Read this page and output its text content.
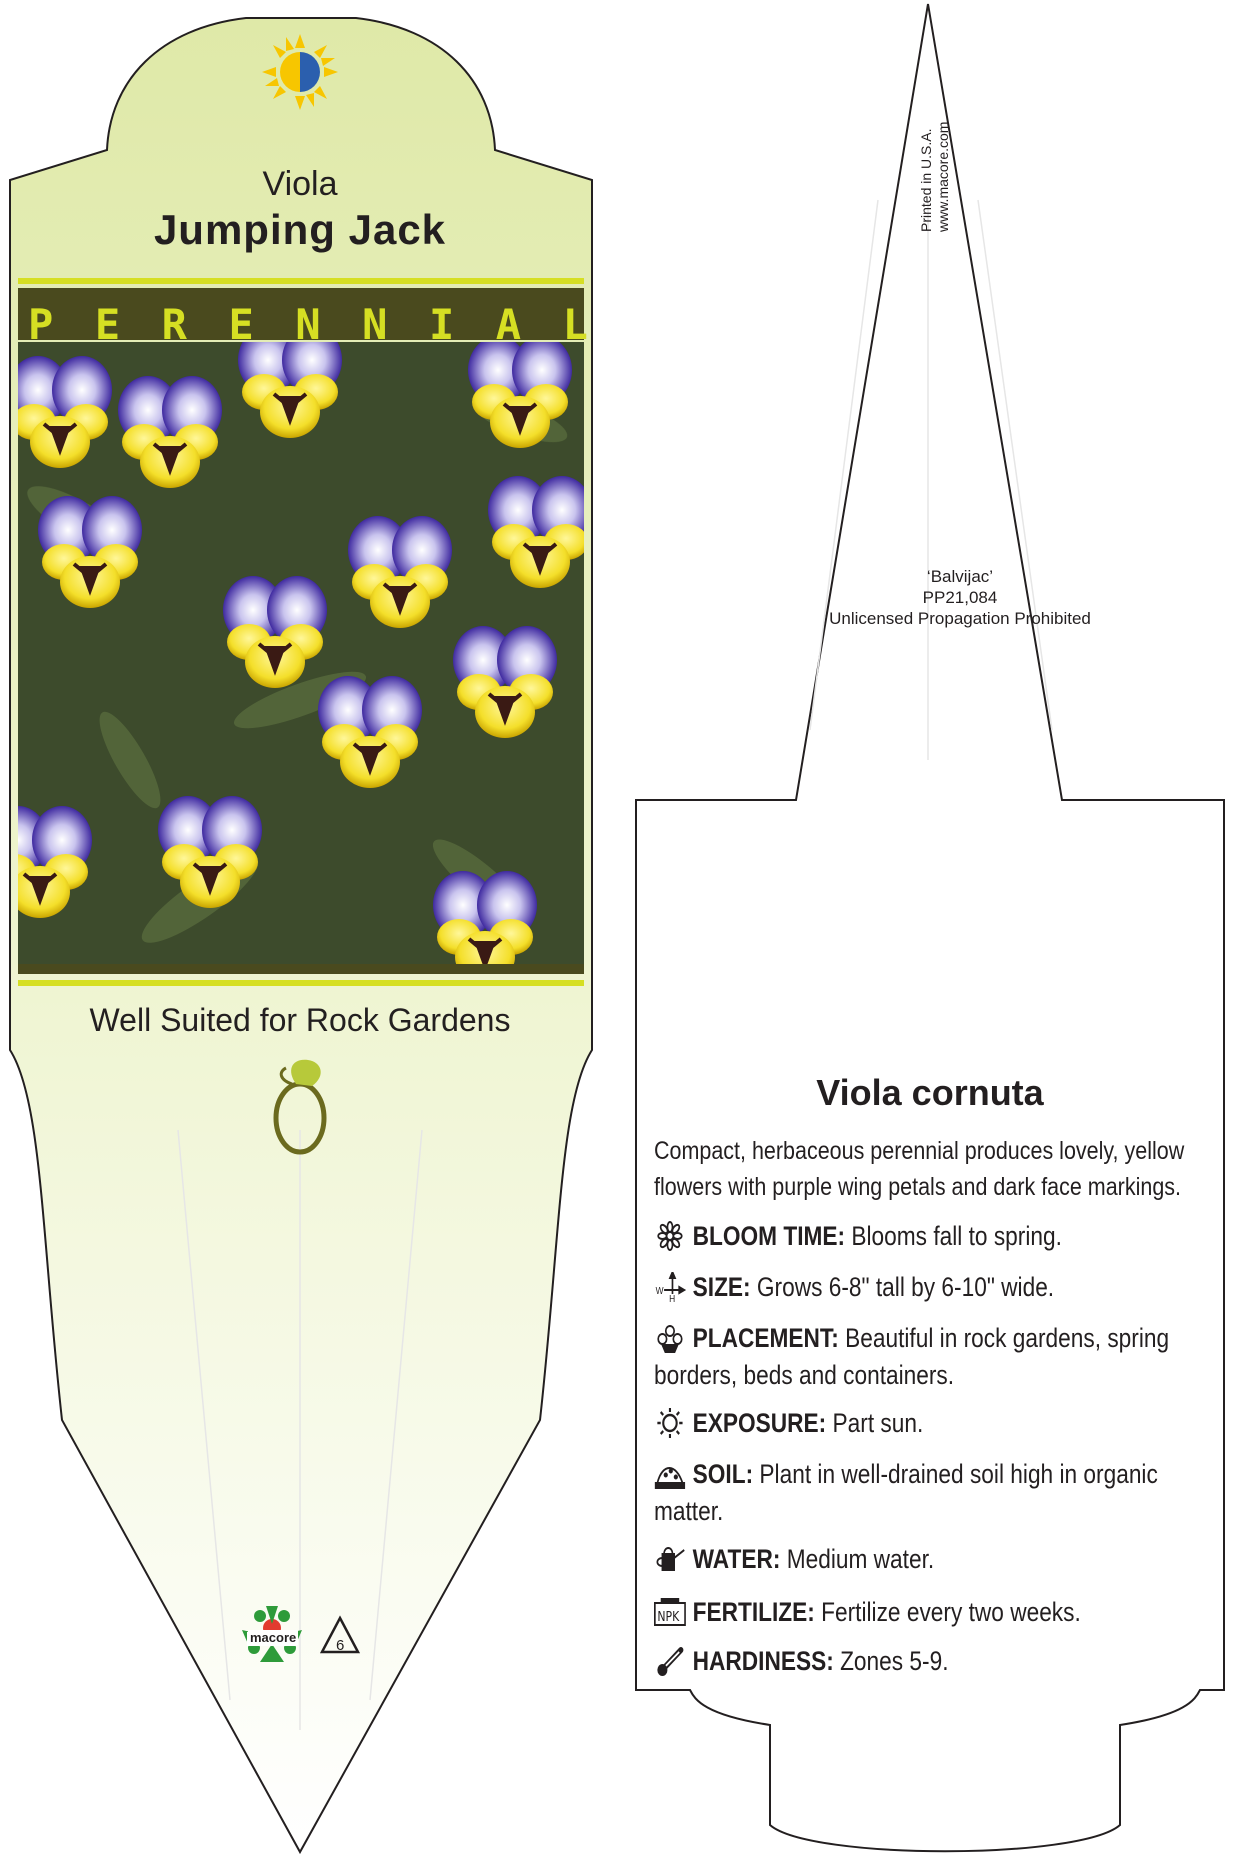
Viola
Jumping Jack
P E R E N N I A L
Well Suited for Rock Gardens
macore	6
Printed in U.S.A. www.macore.com
‘Balvijac’
PP21,084
Unlicensed Propagation Prohibited
Viola cornuta
Compact, herbaceous perennial produces lovely, yellow flowers with purple wing petals and dark face markings.
BLOOM TIME: Blooms fall to spring.
W
H SIZE: Grows 6-8" tall by 6-10" wide.
PLACEMENT: Beautiful in rock gardens, spring borders, beds and containers.
EXPOSURE: Part sun.
SOIL: Plant in well-drained soil high in organic matter.
WATER: Medium water.
NPK FERTILIZE: Fertilize every two weeks.
HARDINESS: Zones 5-9.
